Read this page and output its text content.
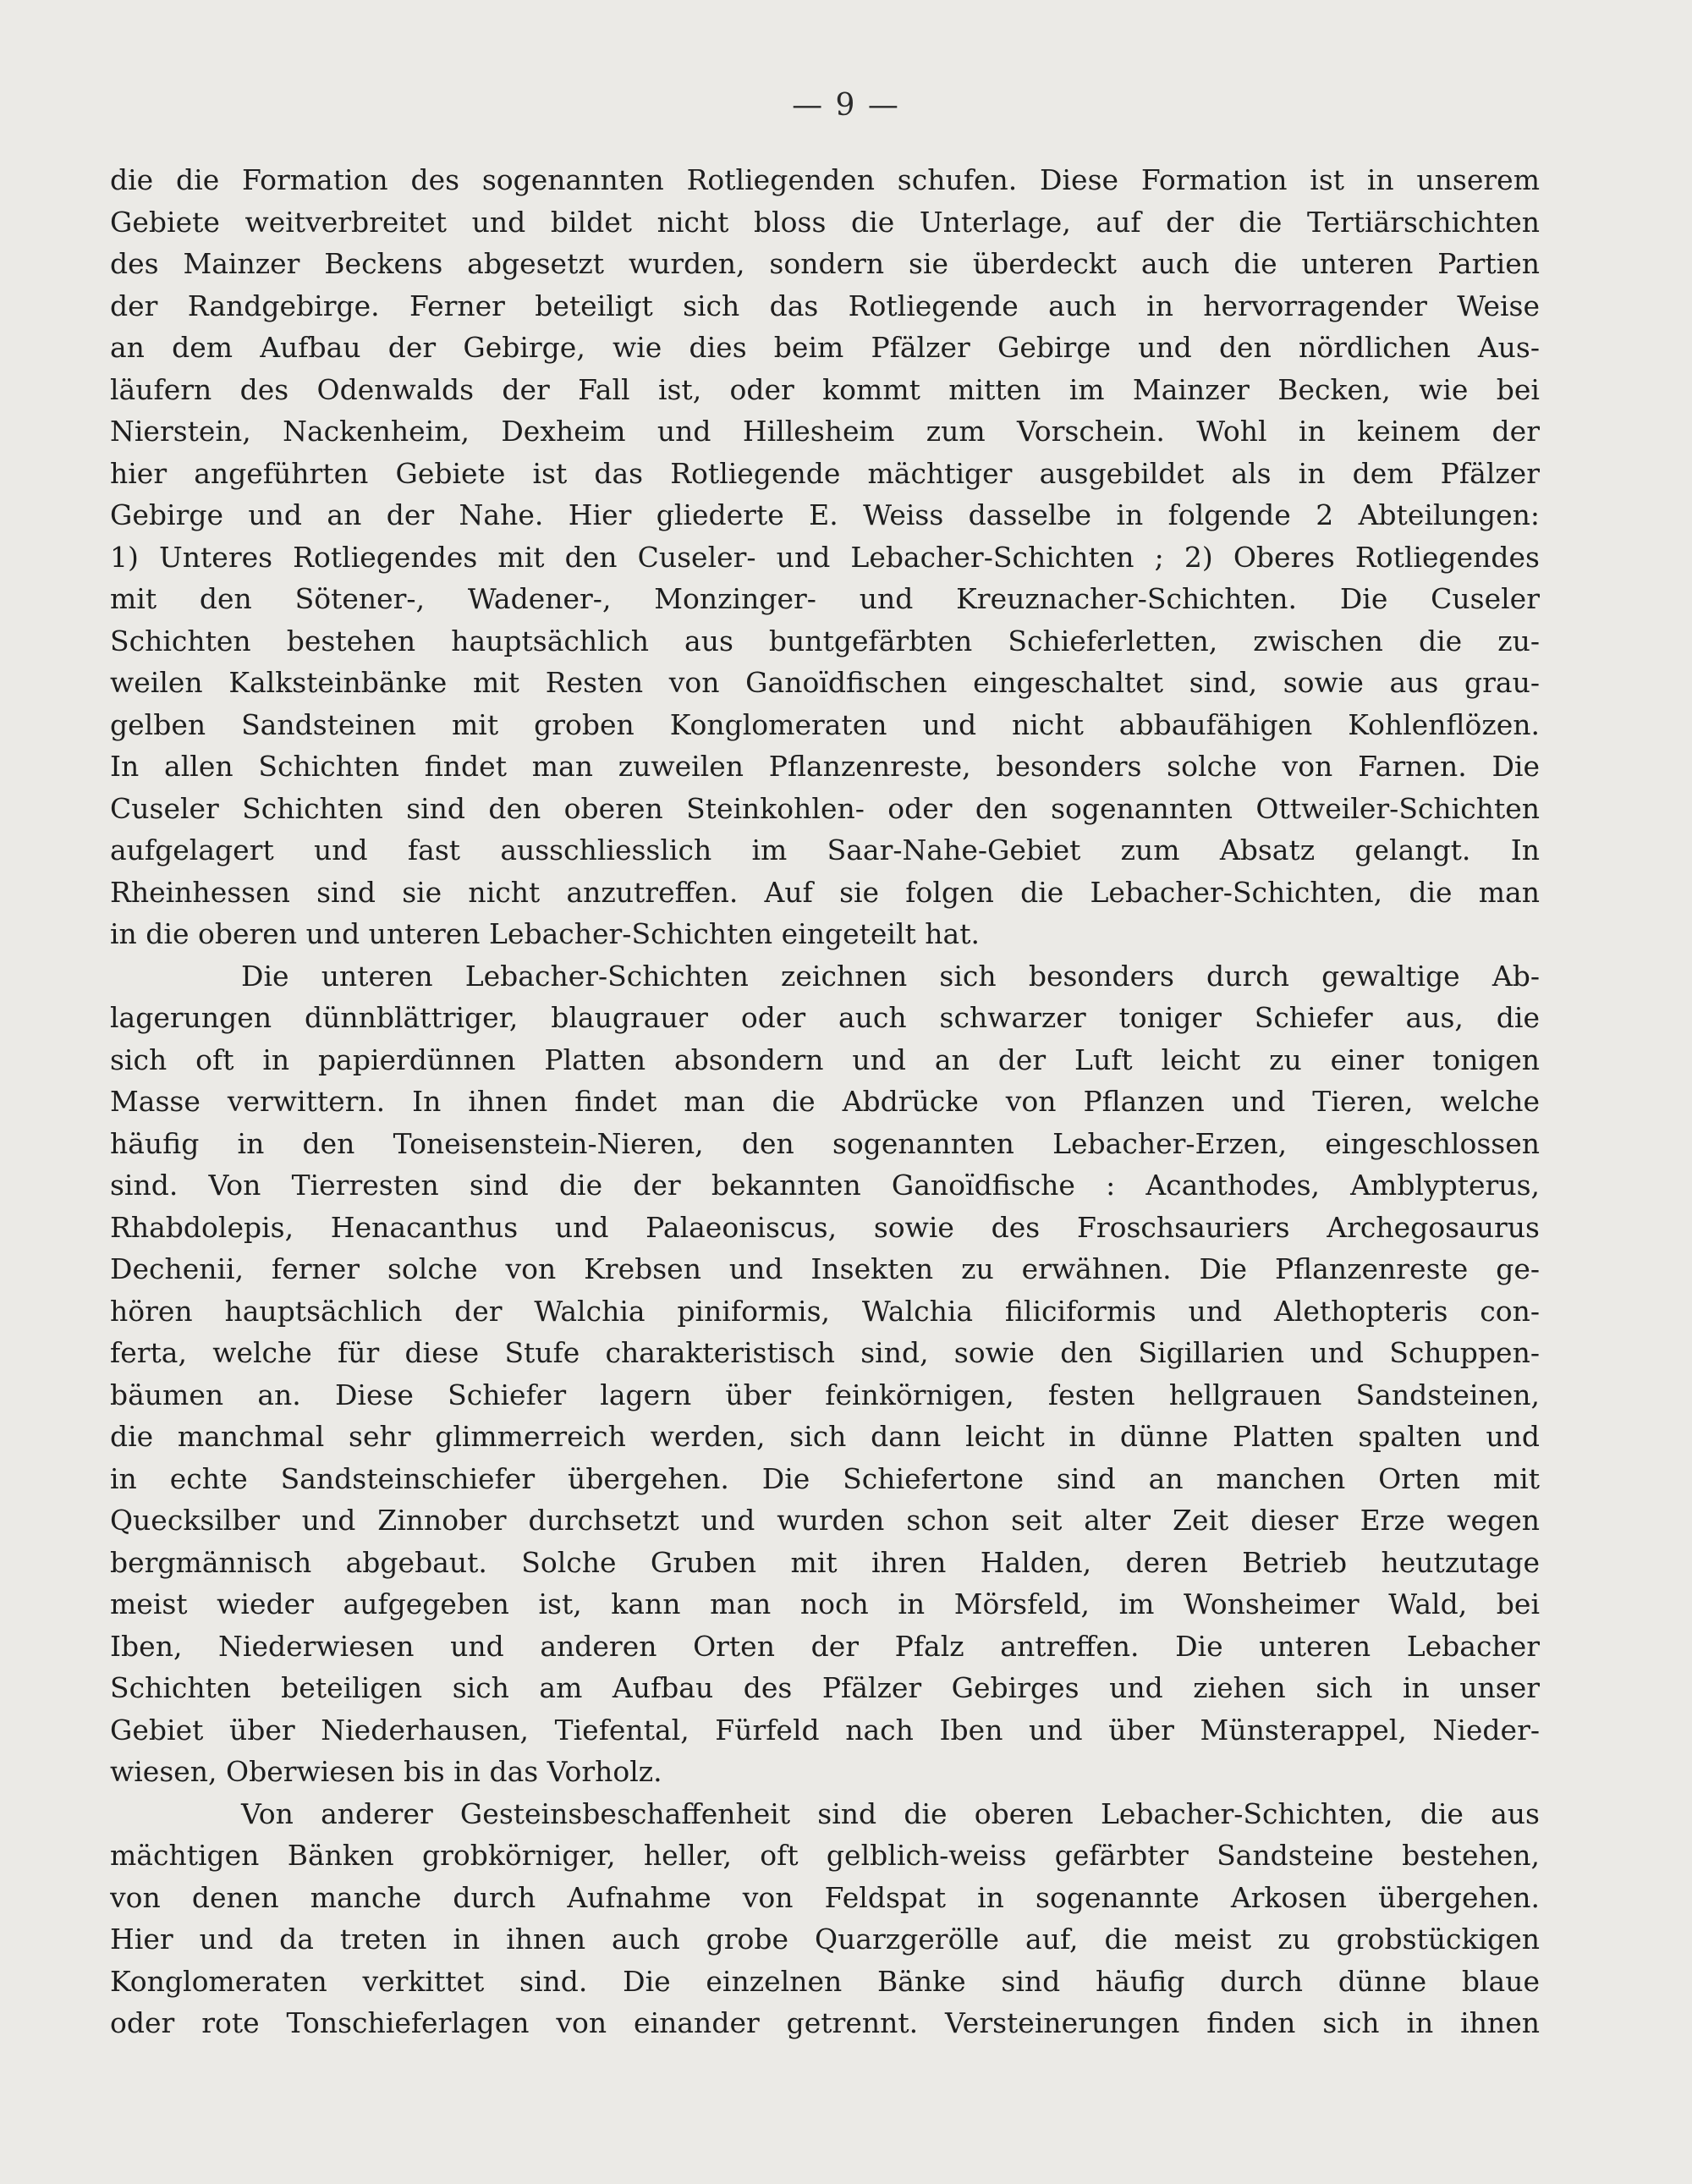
— 9 —
die die Formation des sogenannten Rotliegenden schufen. Diese Formation ist in unserem
Gebiete weitverbreitet und bildet nicht bloss die Unterlage, auf der die Tertiärschichten
des Mainzer Beckens abgesetzt wurden, sondern sie überdeckt auch die unteren Partien
der Randgebirge. Ferner beteiligt sich das Rotliegende auch in hervorragender Weise
an dem Aufbau der Gebirge, wie dies beim Pfälzer Gebirge und den nördlichen Aus-
läufern des Odenwalds der Fall ist, oder kommt mitten im Mainzer Becken, wie bei
Nierstein, Nackenheim, Dexheim und Hillesheim zum Vorschein. Wohl in keinem der
hier angeführten Gebiete ist das Rotliegende mächtiger ausgebildet als in dem Pfälzer
Gebirge und an der Nahe. Hier gliederte E. Weiss dasselbe in folgende 2 Abteilungen:
1) Unteres Rotliegendes mit den Cuseler- und Lebacher-Schichten ; 2) Oberes Rotliegendes
mit den Sötener-, Wadener-, Monzinger- und Kreuznacher-Schichten. Die Cuseler
Schichten bestehen hauptsächlich aus buntgefärbten Schieferletten, zwischen die zu-
weilen Kalksteinbänke mit Resten von Ganoïdfischen eingeschaltet sind, sowie aus grau-
gelben Sandsteinen mit groben Konglomeraten und nicht abbaufähigen Kohlenflözen.
In allen Schichten findet man zuweilen Pflanzenreste, besonders solche von Farnen. Die
Cuseler Schichten sind den oberen Steinkohlen- oder den sogenannten Ottweiler-Schichten
aufgelagert und fast ausschliesslich im Saar-Nahe-Gebiet zum Absatz gelangt. In
Rheinhessen sind sie nicht anzutreffen. Auf sie folgen die Lebacher-Schichten, die man
in die oberen und unteren Lebacher-Schichten eingeteilt hat.
Die unteren Lebacher-Schichten zeichnen sich besonders durch gewaltige Ab-
lagerungen dünnblättriger, blaugrauer oder auch schwarzer toniger Schiefer aus, die
sich oft in papierdünnen Platten absondern und an der Luft leicht zu einer tonigen
Masse verwittern. In ihnen findet man die Abdrücke von Pflanzen und Tieren, welche
häufig in den Toneisenstein-Nieren, den sogenannten Lebacher-Erzen, eingeschlossen
sind. Von Tierresten sind die der bekannten Ganoïdfische : Acanthodes, Amblypterus,
Rhabdolepis, Henacanthus und Palaeoniscus, sowie des Froschsauriers Archegosaurus
Dechenii, ferner solche von Krebsen und Insekten zu erwähnen. Die Pflanzenreste ge-
hören hauptsächlich der Walchia piniformis, Walchia filiciformis und Alethopteris con-
ferta, welche für diese Stufe charakteristisch sind, sowie den Sigillarien und Schuppen-
bäumen an. Diese Schiefer lagern über feinkörnigen, festen hellgrauen Sandsteinen,
die manchmal sehr glimmerreich werden, sich dann leicht in dünne Platten spalten und
in echte Sandsteinschiefer übergehen. Die Schiefertone sind an manchen Orten mit
Quecksilber und Zinnober durchsetzt und wurden schon seit alter Zeit dieser Erze wegen
bergmännisch abgebaut. Solche Gruben mit ihren Halden, deren Betrieb heutzutage
meist wieder aufgegeben ist, kann man noch in Mörsfeld, im Wonsheimer Wald, bei
Iben, Niederwiesen und anderen Orten der Pfalz antreffen. Die unteren Lebacher
Schichten beteiligen sich am Aufbau des Pfälzer Gebirges und ziehen sich in unser
Gebiet über Niederhausen, Tiefental, Fürfeld nach Iben und über Münsterappel, Nieder-
wiesen, Oberwiesen bis in das Vorholz.
Von anderer Gesteinsbeschaffenheit sind die oberen Lebacher-Schichten, die aus
mächtigen Bänken grobkörniger, heller, oft gelblich-weiss gefärbter Sandsteine bestehen,
von denen manche durch Aufnahme von Feldspat in sogenannte Arkosen übergehen.
Hier und da treten in ihnen auch grobe Quarzgerölle auf, die meist zu grobstückigen
Konglomeraten verkittet sind. Die einzelnen Bänke sind häufig durch dünne blaue
oder rote Tonschieferlagen von einander getrennt. Versteinerungen finden sich in ihnen
